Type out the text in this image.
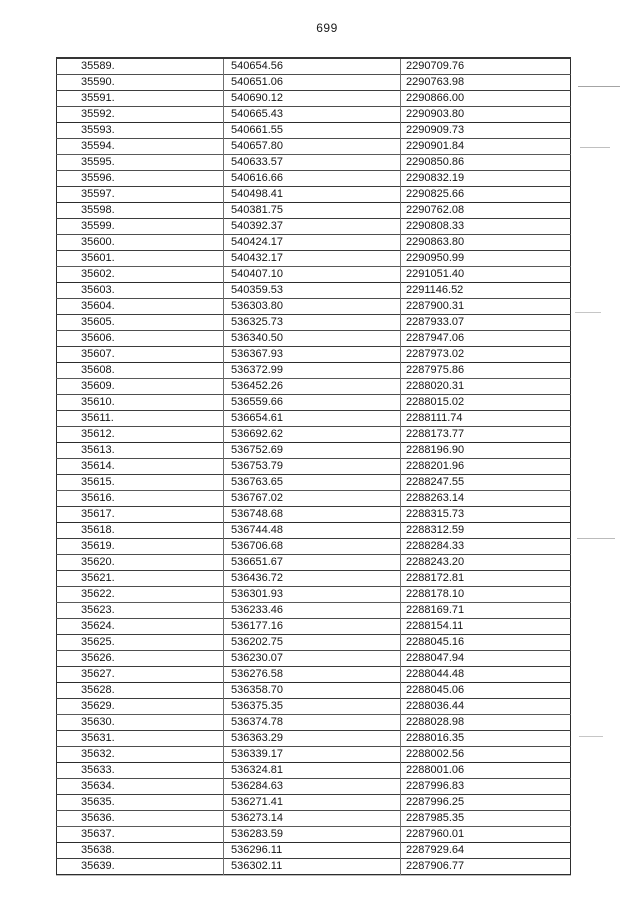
699
35589.	540654.56	2290709.76
35590.	540651.06	2290763.98
35591.	540690.12	2290866.00
35592.	540665.43	2290903.80
35593.	540661.55	2290909.73
35594.	540657.80	2290901.84
35595.	540633.57	2290850.86
35596.	540616.66	2290832.19
35597.	540498.41	2290825.66
35598.	540381.75	2290762.08
35599.	540392.37	2290808.33
35600.	540424.17	2290863.80
35601.	540432.17	2290950.99
35602.	540407.10	2291051.40
35603.	540359.53	2291146.52
35604.	536303.80	2287900.31
35605.	536325.73	2287933.07
35606.	536340.50	2287947.06
35607.	536367.93	2287973.02
35608.	536372.99	2287975.86
35609.	536452.26	2288020.31
35610.	536559.66	2288015.02
35611.	536654.61	2288111.74
35612.	536692.62	2288173.77
35613.	536752.69	2288196.90
35614.	536753.79	2288201.96
35615.	536763.65	2288247.55
35616.	536767.02	2288263.14
35617.	536748.68	2288315.73
35618.	536744.48	2288312.59
35619.	536706.68	2288284.33
35620.	536651.67	2288243.20
35621.	536436.72	2288172.81
35622.	536301.93	2288178.10
35623.	536233.46	2288169.71
35624.	536177.16	2288154.11
35625.	536202.75	2288045.16
35626.	536230.07	2288047.94
35627.	536276.58	2288044.48
35628.	536358.70	2288045.06
35629.	536375.35	2288036.44
35630.	536374.78	2288028.98
35631.	536363.29	2288016.35
35632.	536339.17	2288002.56
35633.	536324.81	2288001.06
35634.	536284.63	2287996.83
35635.	536271.41	2287996.25
35636.	536273.14	2287985.35
35637.	536283.59	2287960.01
35638.	536296.11	2287929.64
35639.	536302.11	2287906.77
